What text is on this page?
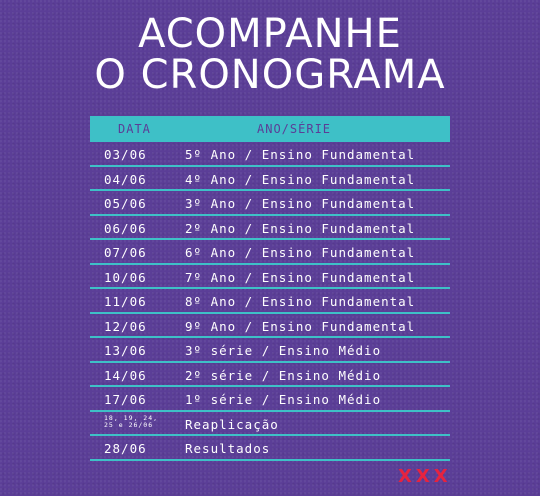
ACOMPANHE
O CRONOGRAMA
DATA	ANO/SÉRIE
03/06	5º Ano / Ensino Fundamental
04/06	4º Ano / Ensino Fundamental
05/06	3º Ano / Ensino Fundamental
06/06	2º Ano / Ensino Fundamental
07/06	6º Ano / Ensino Fundamental
10/06	7º Ano / Ensino Fundamental
11/06	8º Ano / Ensino Fundamental
12/06	9º Ano / Ensino Fundamental
13/06	3º série / Ensino Médio
14/06	2º série / Ensino Médio
17/06	1º série / Ensino Médio
18, 19, 24, 25 e 26/06	Reaplicação
28/06	Resultados
XXX
